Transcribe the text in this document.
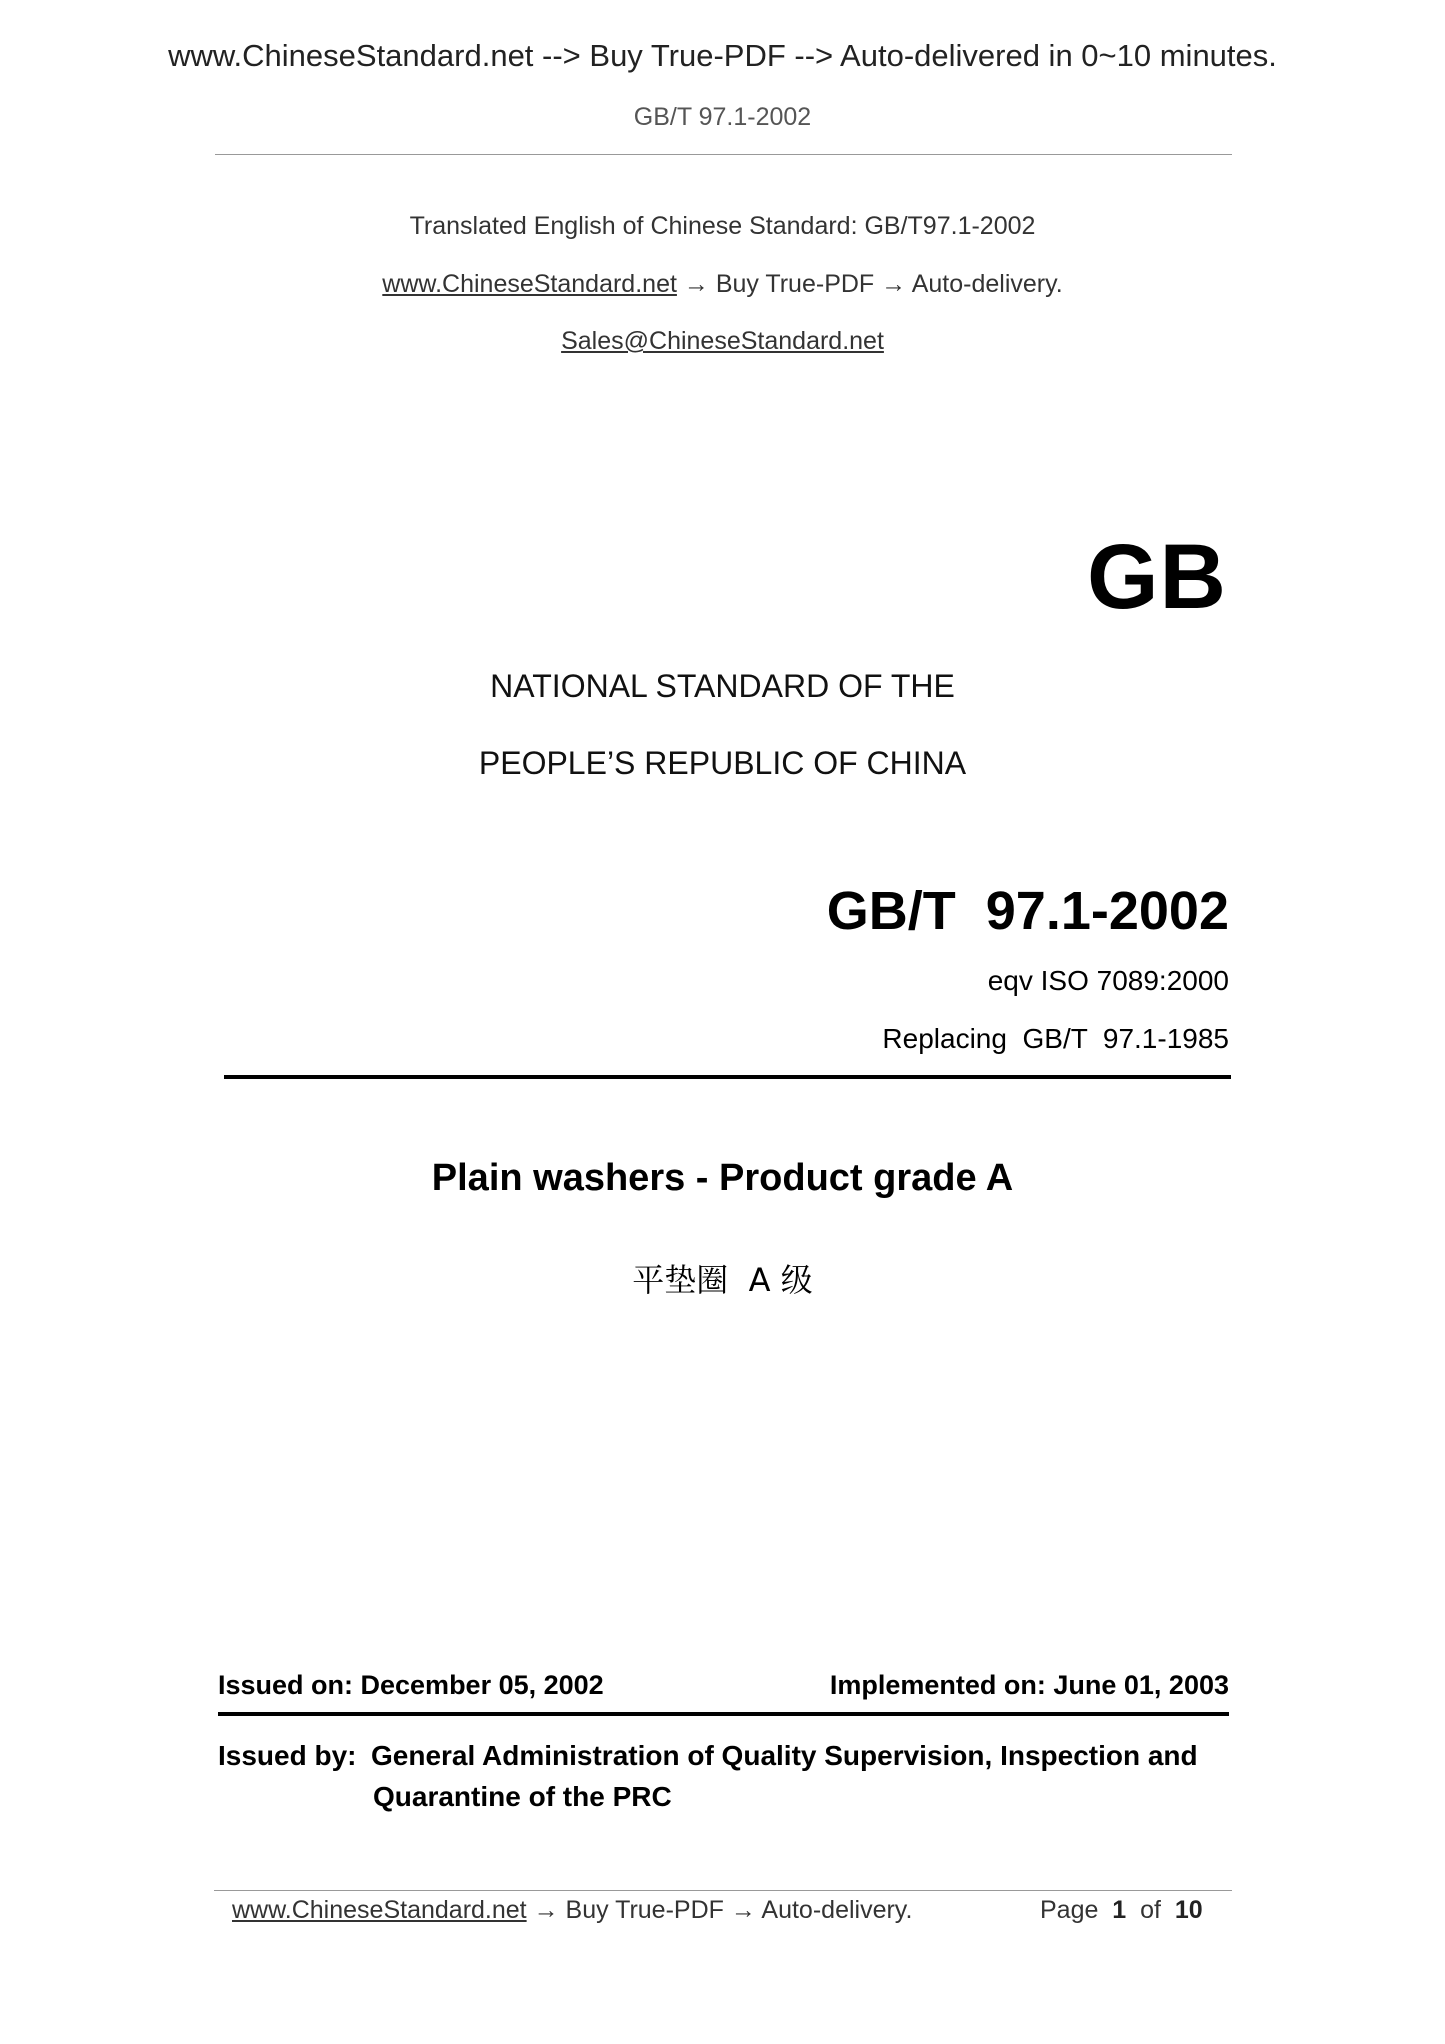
www.ChineseStandard.net --> Buy True-PDF --> Auto-delivered in 0~10 minutes.
GB/T 97.1-2002
Translated English of Chinese Standard: GB/T97.1-2002
www.ChineseStandard.net → Buy True-PDF → Auto-delivery.
Sales@ChineseStandard.net
GB
NATIONAL STANDARD OF THE
PEOPLE’S REPUBLIC OF CHINA
GB/T  97.1-2002
eqv ISO 7089:2000
Replacing  GB/T  97.1-1985
Plain washers - Product grade A
平垫圈  A 级
Issued on: December 05, 2002	Implemented on: June 01, 2003
Issued by: General Administration of Quality Supervision, Inspection and
Quarantine of the PRC
www.ChineseStandard.net → Buy True-PDF → Auto-delivery.	Page 1 of 10
